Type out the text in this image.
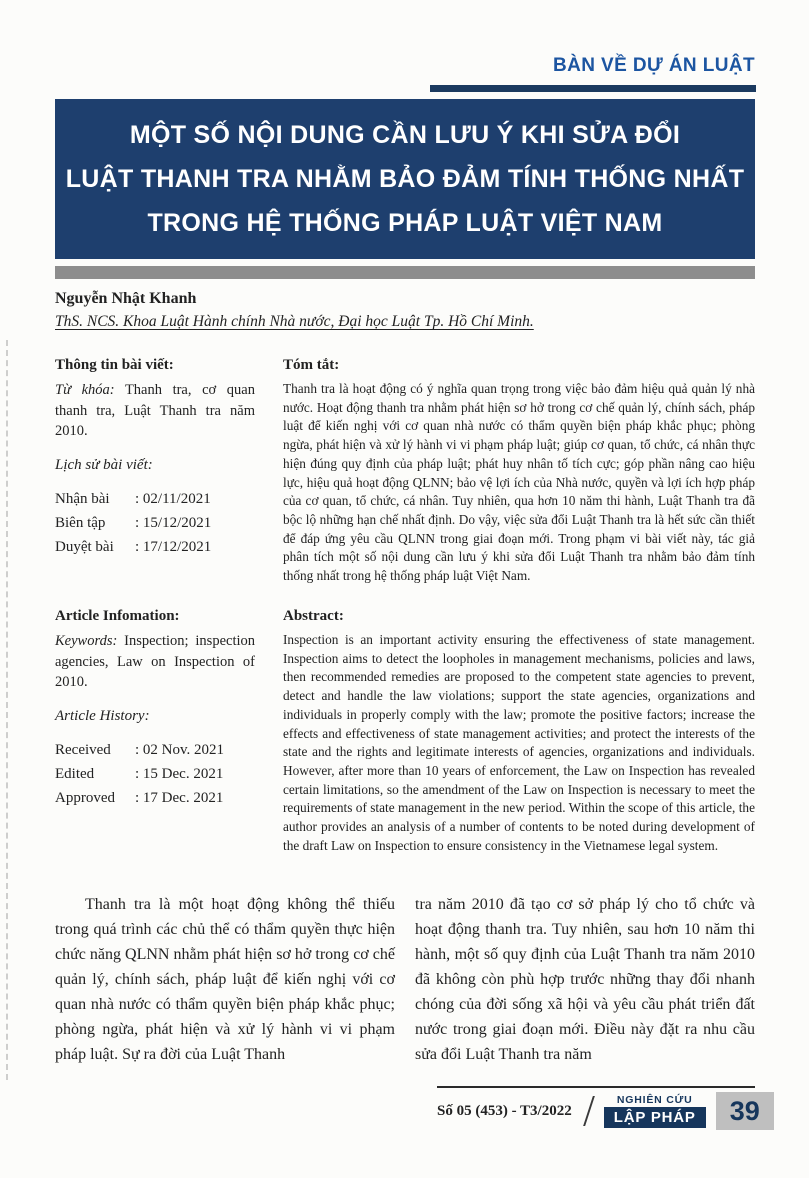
BÀN VỀ DỰ ÁN LUẬT
MỘT SỐ NỘI DUNG CẦN LƯU Ý KHI SỬA ĐỔI
LUẬT THANH TRA NHẰM BẢO ĐẢM TÍNH THỐNG NHẤT
TRONG HỆ THỐNG PHÁP LUẬT VIỆT NAM
Nguyễn Nhật Khanh
ThS. NCS. Khoa Luật Hành chính Nhà nước, Đại học Luật Tp. Hồ Chí Minh.
Thông tin bài viết:

Từ khóa: Thanh tra, cơ quan thanh tra, Luật Thanh tra năm 2010.

Lịch sử bài viết:
Nhận bài	: 02/11/2021
Biên tập	: 15/12/2021
Duyệt bài	: 17/12/2021
Tóm tắt:

Thanh tra là hoạt động có ý nghĩa quan trọng trong việc bảo đảm hiệu quả quản lý nhà nước. Hoạt động thanh tra nhằm phát hiện sơ hở trong cơ chế quản lý, chính sách, pháp luật để kiến nghị với cơ quan nhà nước có thẩm quyền biện pháp khắc phục; phòng ngừa, phát hiện và xử lý hành vi vi phạm pháp luật; giúp cơ quan, tổ chức, cá nhân thực hiện đúng quy định của pháp luật; phát huy nhân tố tích cực; góp phần nâng cao hiệu lực, hiệu quả hoạt động QLNN; bảo vệ lợi ích của Nhà nước, quyền và lợi ích hợp pháp của cơ quan, tổ chức, cá nhân. Tuy nhiên, qua hơn 10 năm thi hành, Luật Thanh tra đã bộc lộ những hạn chế nhất định. Do vậy, việc sửa đổi Luật Thanh tra là hết sức cần thiết để đáp ứng yêu cầu QLNN trong giai đoạn mới. Trong phạm vi bài viết này, tác giả phân tích một số nội dung cần lưu ý khi sửa đổi Luật Thanh tra nhằm bảo đảm tính thống nhất trong hệ thống pháp luật Việt Nam.

Article Infomation:

Keywords: Inspection; inspection agencies, Law on Inspection of 2010.

Article History:
Received	: 02 Nov. 2021
Edited	: 15 Dec. 2021
Approved	: 17 Dec. 2021
Abstract:

Inspection is an important activity ensuring the effectiveness of state management. Inspection aims to detect the loopholes in management mechanisms, policies and laws, then recommended remedies are proposed to the competent state agencies to prevent, detect and handle the law violations; support the state agencies, organizations and individuals in properly comply with the law; promote the positive factors; increase the effects and effectiveness of state management activities; and protect the interests of the state and the rights and legitimate interests of agencies, organizations and individuals. However, after more than 10 years of enforcement, the Law on Inspection has revealed certain limitations, so the amendment of the Law on Inspection is necessary to meet the requirements of state management in the new period. Within the scope of this article, the author provides an analysis of a number of contents to be noted during development of the draft Law on Inspection to ensure consistency in the Vietnamese legal system.

Thanh tra là một hoạt động không thể thiếu trong quá trình các chủ thể có thẩm quyền thực hiện chức năng QLNN nhằm phát hiện sơ hở trong cơ chế quản lý, chính sách, pháp luật để kiến nghị với cơ quan nhà nước có thẩm quyền biện pháp khắc phục; phòng ngừa, phát hiện và xử lý hành vi vi phạm pháp luật. Sự ra đời của Luật Thanh

tra năm 2010 đã tạo cơ sở pháp lý cho tổ chức và hoạt động thanh tra. Tuy nhiên, sau hơn 10 năm thi hành, một số quy định của Luật Thanh tra năm 2010 đã không còn phù hợp trước những thay đổi nhanh chóng của đời sống xã hội và yêu cầu phát triển đất nước trong giai đoạn mới. Điều này đặt ra nhu cầu sửa đổi Luật Thanh tra năm

Số 05 (453) - T3/2022
NGHIÊN CỨU
LẬP PHÁP	39
